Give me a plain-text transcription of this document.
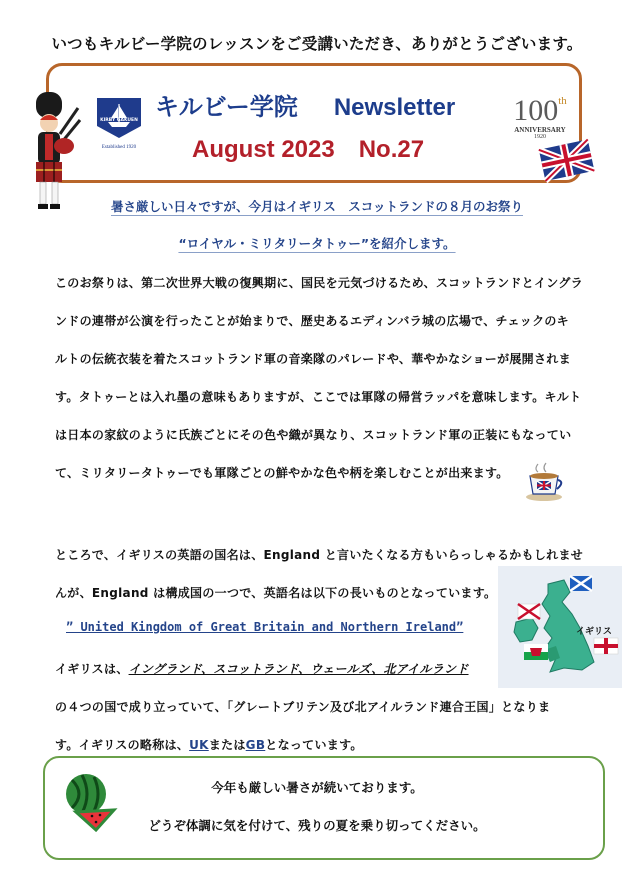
いつもキルビー学院のレッスンをご受講いただき、ありがとうございます。
KIRBY GAKUEN
Established 1920
キルビー学院 Newsletter
August 2023 No.27
100th
ANNIVERSARY
1920
暑さ厳しい日々ですが、今月はイギリス　スコットランドの８月のお祭り
“ロイヤル・ミリタリータトゥー”を紹介します。

このお祭りは、第二次世界大戦の復興期に、国民を元気づけるため、スコットランドとイングラ

ンドの連帯が公演を行ったことが始まりで、歴史あるエディンバラ城の広場で、チェックのキ

ルトの伝統衣装を着たスコットランド軍の音楽隊のパレードや、華やかなショーが展開されま

す。タトゥーとは入れ墨の意味もありますが、ここでは軍隊の帰営ラッパを意味します。キルト

は日本の家紋のように氏族ごとにその色や織が異なり、スコットランド軍の正装にもなってい

て、ミリタリータトゥーでも軍隊ごとの鮮やかな色や柄を楽しむことが出来ます。

ところで、イギリスの英語の国名は、England と言いたくなる方もいらっしゃるかもしれませ

んが、England は構成国の一つで、英語名は以下の長いものとなっています。

” United Kingdom of Great Britain and Northern Ireland”

イギリスは、イングランド、スコットランド、ウェールズ、北アイルランド

の４つの国で成り立っていて、「グレートブリテン及び北アイルランド連合王国」となりま

す。イギリスの略称は、UKまたはGBとなっています。

イギリス
今年も厳しい暑さが続いております。
どうぞ体調に気を付けて、残りの夏を乗り切ってください。
